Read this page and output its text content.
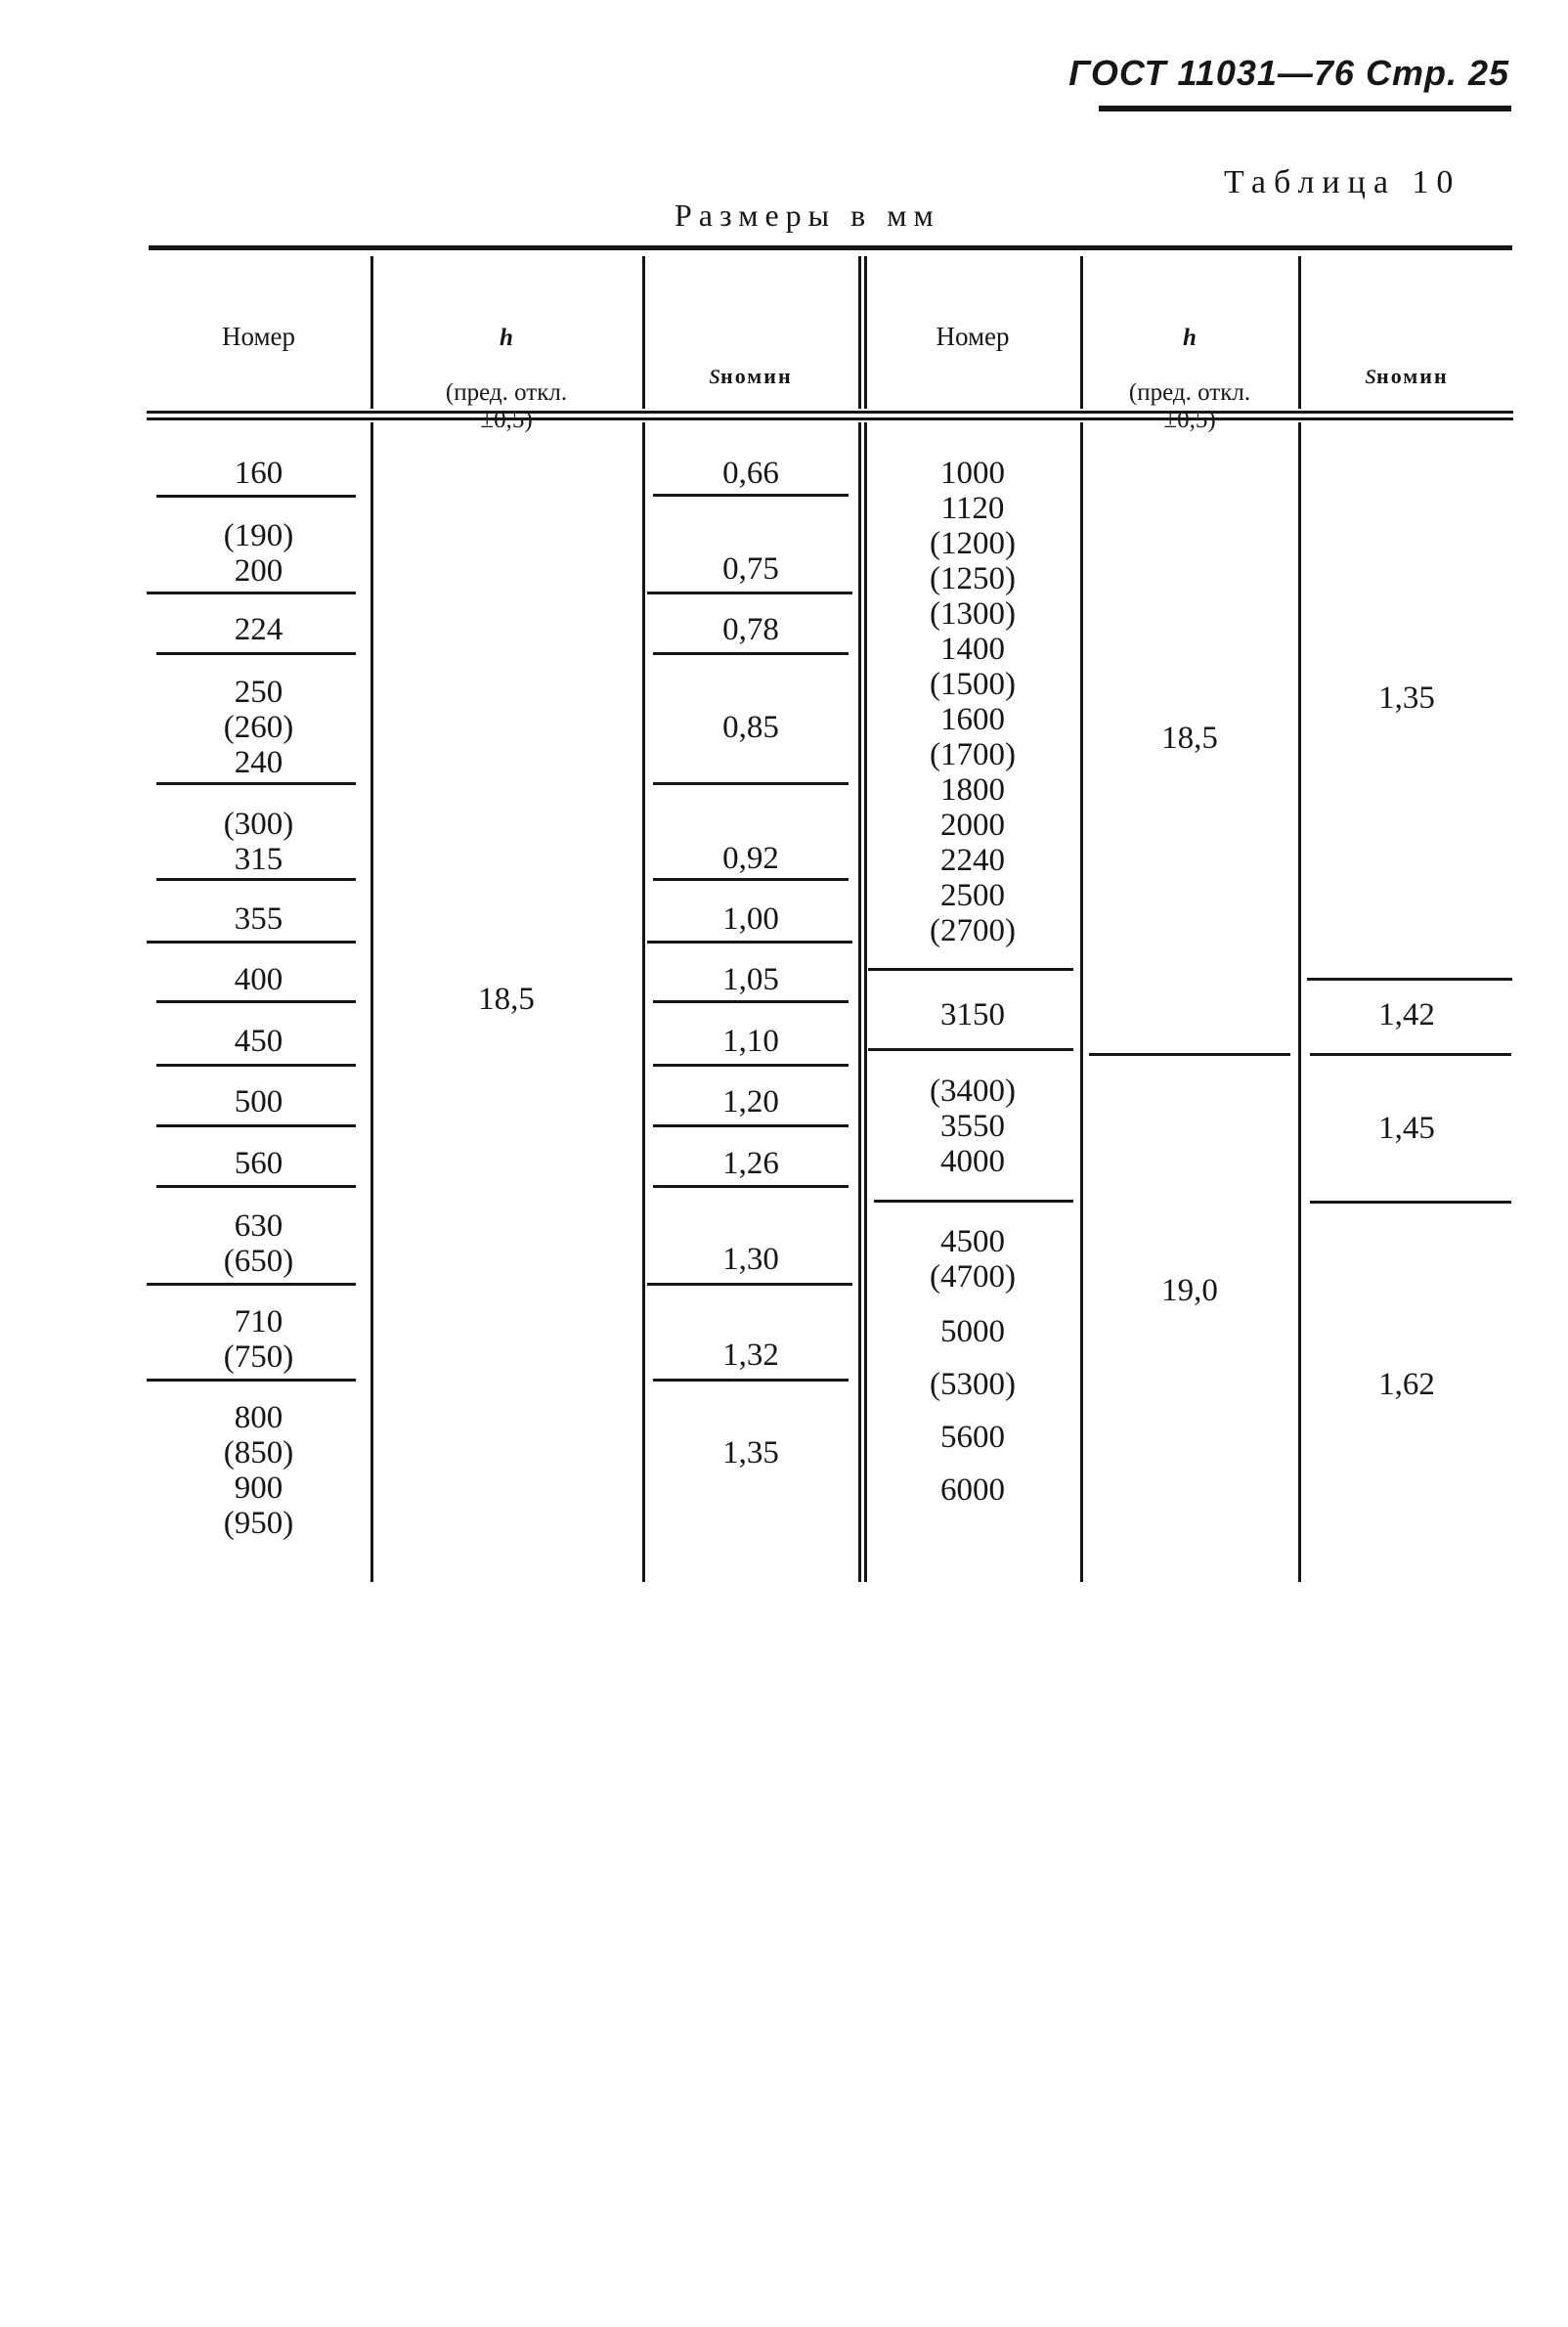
ГОСТ 11031—76 Стр. 25
Таблица 10
Размеры в мм
Номер	h

(пред. откл.
±0,5)

sномин

Номер	h

(пред. откл.
±0,5)

sномин

160
(190)
200
224
250
(260)
240
(300)
315
355
400
450
500
560
630
(650)
710
(750)
800
(850)
900
(950)
18,5
0,66
0,75
0,78
0,85
0,92
1,00
1,05
1,10
1,20
1,26
1,30
1,32
1,35
1000
1120
(1200)
(1250)
(1300)
1400
(1500)
1600
(1700)
1800
2000
2240
2500
(2700)
3150
(3400)
3550
4000
4500
(4700)
5000
(5300)
5600
6000
18,5
19,0
1,35
1,42
1,45
1,62
